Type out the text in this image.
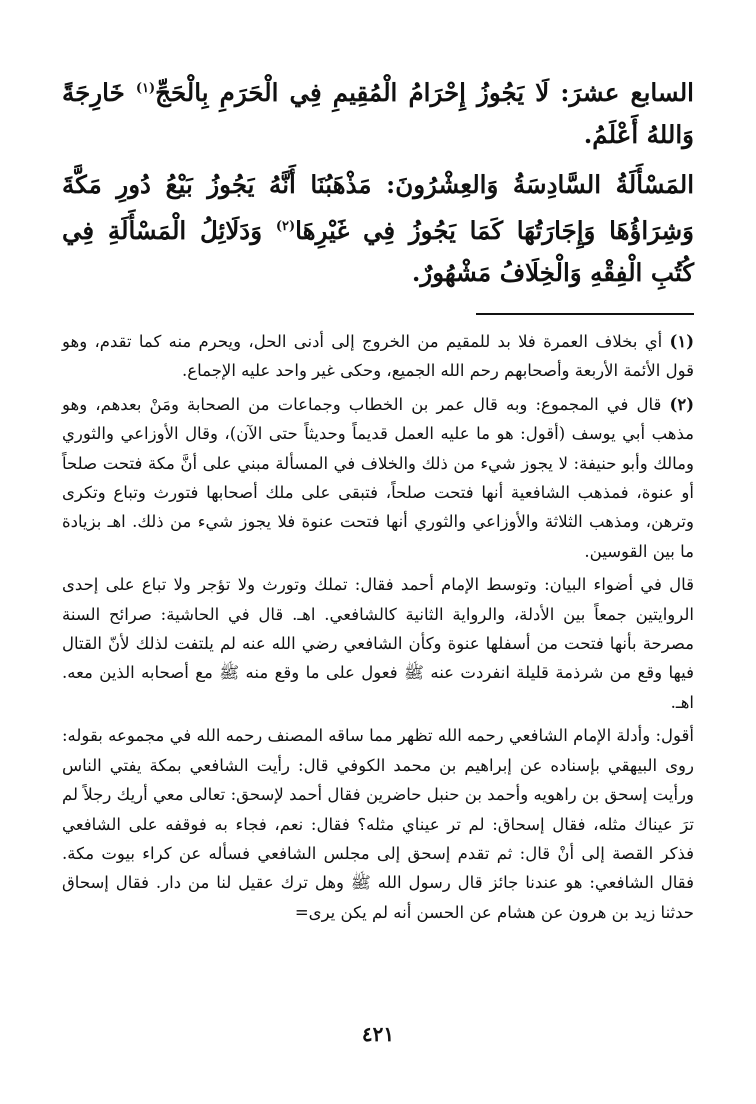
السابع عشرَ: لَا يَجُوزُ إِحْرَامُ الْمُقِيمِ فِي الْحَرَمِ بِالْحَجِّ$^{(١)}$ خَارِجَةً وَاللهُ أَعْلَمُ.

المَسْأَلَةُ السَّادِسَةُ وَالعِشْرُونَ: مَذْهَبُنَا أَنَّهُ يَجُوزُ بَيْعُ دُورِ مَكَّةَ وَشِرَاؤُهَا وَإِجَارَتُهَا كَمَا يَجُوزُ فِي غَيْرِهَا$^{(٢)}$ وَدَلَائِلُ الْمَسْأَلَةِ فِي كُتُبِ الْفِقْهِ وَالْخِلَافُ مَشْهُورٌ.

(١) أي بخلاف العمرة فلا بد للمقيم من الخروج إلى أدنى الحل، ويحرم منه كما تقدم، وهو قول الأئمة الأربعة وأصحابهم رحم الله الجميع، وحكى غير واحد عليه الإجماع.

(٢) قال في المجموع: وبه قال عمر بن الخطاب وجماعات من الصحابة ومَنْ بعدهم، وهو مذهب أبي يوسف (أقول: هو ما عليه العمل قديماً وحديثاً حتى الآن)، وقال الأوزاعي والثوري ومالك وأبو حنيفة: لا يجوز شيء من ذلك والخلاف في المسألة مبني على أنَّ مكة فتحت صلحاً أو عنوة، فمذهب الشافعية أنها فتحت صلحاً، فتبقى على ملك أصحابها فتورث وتباع وتكرى وترهن، ومذهب الثلاثة والأوزاعي والثوري أنها فتحت عنوة فلا يجوز شيء من ذلك. اهـ بزيادة ما بين القوسين.

قال في أضواء البيان: وتوسط الإمام أحمد فقال: تملك وتورث ولا تؤجر ولا تباع على إحدى الروايتين جمعاً بين الأدلة، والرواية الثانية كالشافعي. اهـ. قال في الحاشية: صرائح السنة مصرحة بأنها فتحت من أسفلها عنوة وكأن الشافعي رضي الله عنه لم يلتفت لذلك لأنّ القتال فيها وقع من شرذمة قليلة انفردت عنه ﷺ فعول على ما وقع منه ﷺ مع أصحابه الذين معه. اهـ.

أقول: وأدلة الإمام الشافعي رحمه الله تظهر مما ساقه المصنف رحمه الله في مجموعه بقوله: روى البيهقي بإسناده عن إبراهيم بن محمد الكوفي قال: رأيت الشافعي بمكة يفتي الناس ورأيت إسحق بن راهويه وأحمد بن حنبل حاضرين فقال أحمد لإسحق: تعالى معي أريك رجلاً لم ترَ عيناك مثله، فقال إسحاق: لم تر عيناي مثله؟ فقال: نعم، فجاء به فوقفه على الشافعي فذكر القصة إلى أنْ قال: ثم تقدم إسحق إلى مجلس الشافعي فسأله عن كراء بيوت مكة. فقال الشافعي: هو عندنا جائز قال رسول الله ﷺ وهل ترك عقيل لنا من دار. فقال إسحاق حدثنا زيد بن هرون عن هشام عن الحسن أنه لم يكن يرى=

٤٢١
